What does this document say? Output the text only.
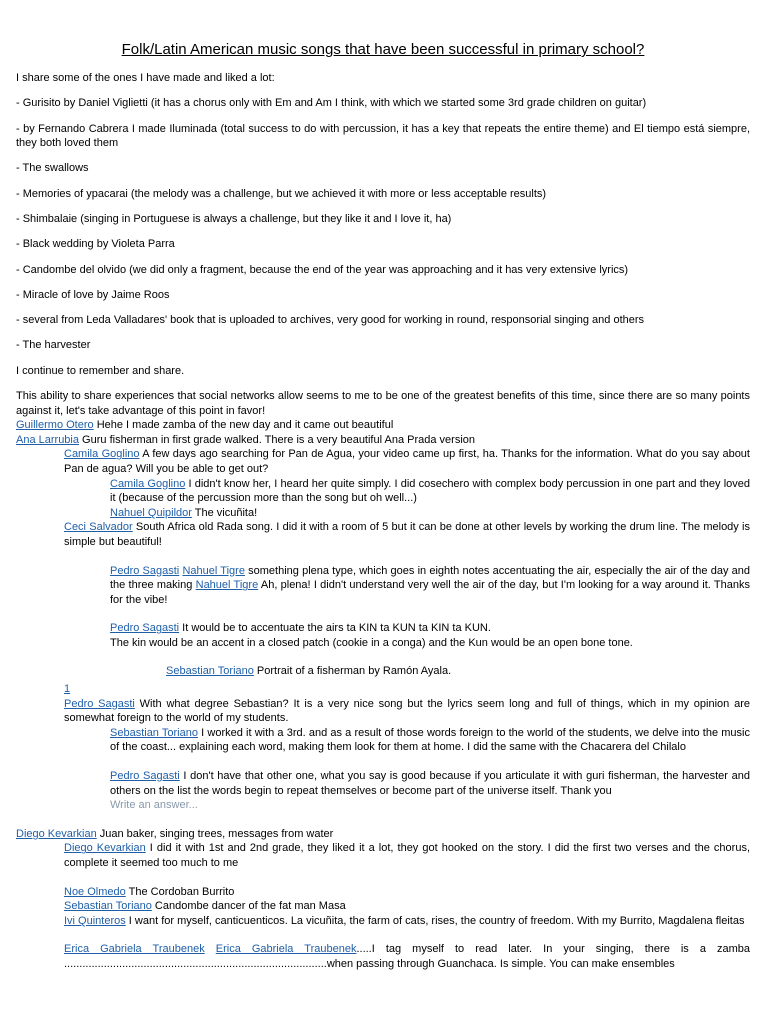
Folk/Latin American music songs that have been successful in primary school?

I share some of the ones I have made and liked a lot:

- Gurisito by Daniel Viglietti (it has a chorus only with Em and Am I think, with which we started some 3rd grade children on guitar)

- by Fernando Cabrera I made Iluminada (total success to do with percussion, it has a key that repeats the entire theme) and El tiempo está siempre, they both loved them

- The swallows

- Memories of ypacarai (the melody was a challenge, but we achieved it with more or less acceptable results)

- Shimbalaie (singing in Portuguese is always a challenge, but they like it and I love it, ha)

- Black wedding by Violeta Parra

- Candombe del olvido (we did only a fragment, because the end of the year was approaching and it has very extensive lyrics)

- Miracle of love by Jaime Roos

- several from Leda Valladares' book that is uploaded to archives, very good for working in round, responsorial singing and others

- The harvester

I continue to remember and share.

This ability to share experiences that social networks allow seems to me to be one of the greatest benefits of this time, since there are so many points against it, let's take advantage of this point in favor!

Guillermo Otero Hehe I made zamba of the new day and it came out beautiful

Ana Larrubia Guru fisherman in first grade walked. There is a very beautiful Ana Prada version

Camila Goglino A few days ago searching for Pan de Agua, your video came up first, ha. Thanks for the information. What do you say about Pan de agua? Will you be able to get out?

Camila Goglino I didn't know her, I heard her quite simply. I did cosechero with complex body percussion in one part and they loved it (because of the percussion more than the song but oh well...)

Nahuel Quipildor The vicuñita!

Ceci Salvador South Africa old Rada song. I did it with a room of 5 but it can be done at other levels by working the drum line. The melody is simple but beautiful!

Pedro Sagasti Nahuel Tigre something plena type, which goes in eighth notes accentuating the air, especially the air of the day and the three making Nahuel Tigre Ah, plena! I didn't understand very well the air of the day, but I'm looking for a way around it. Thanks for the vibe!

Pedro Sagasti It would be to accentuate the airs ta KIN ta KUN ta KIN ta KUN.

The kin would be an accent in a closed patch (cookie in a conga) and the Kun would be an open bone tone.

Sebastian Toriano Portrait of a fisherman by Ramón Ayala.

1

Pedro Sagasti With what degree Sebastian? It is a very nice song but the lyrics seem long and full of things, which in my opinion are somewhat foreign to the world of my students.

Sebastian Toriano I worked it with a 3rd. and as a result of those words foreign to the world of the students, we delve into the music of the coast... explaining each word, making them look for them at home. I did the same with the Chacarera del Chilalo

Pedro Sagasti I don't have that other one, what you say is good because if you articulate it with guri fisherman, the harvester and others on the list the words begin to repeat themselves or become part of the universe itself. Thank you

Write an answer...

Diego Kevarkian Juan baker, singing trees, messages from water

Diego Kevarkian I did it with 1st and 2nd grade, they liked it a lot, they got hooked on the story. I did the first two verses and the chorus, complete it seemed too much to me

Noe Olmedo The Cordoban Burrito

Sebastian Toriano Candombe dancer of the fat man Masa

Ivi Quinteros I want for myself, canticuenticos. La vicuñita, the farm of cats, rises, the country of freedom. With my Burrito, Magdalena fleitas

Erica Gabriela Traubenek Erica Gabriela Traubenek.....I tag myself to read later. In your singing, there is a zamba ......................................................................................when passing through Guanchaca. Is simple. You can make ensembles
